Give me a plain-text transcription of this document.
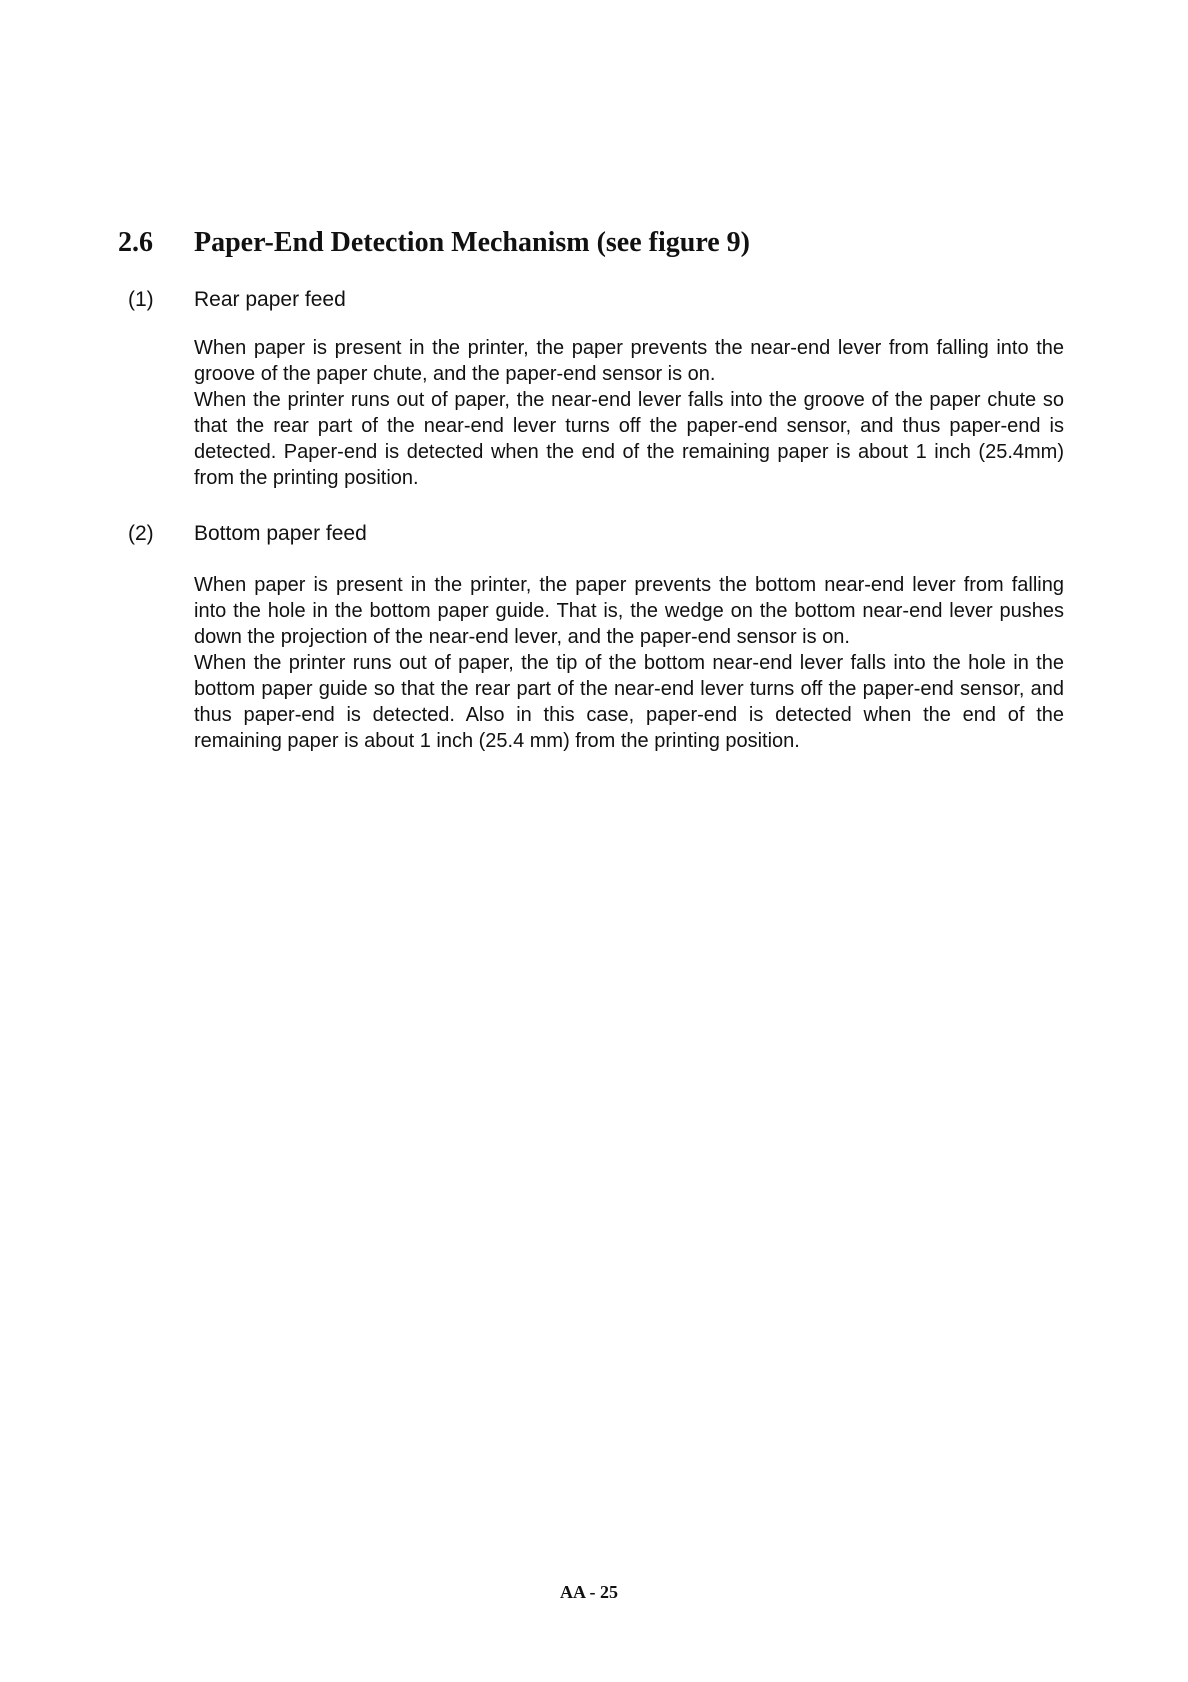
2.6	Paper-End Detection Mechanism (see figure 9)
(1)	Rear paper feed

When paper is present in the printer, the paper prevents the near-end lever from falling into the groove of the paper chute, and the paper-end sensor is on.

When the printer runs out of paper, the near-end lever falls into the groove of the paper chute so that the rear part of the near-end lever turns off the paper-end sensor, and thus paper-end is detected. Paper-end is detected when the end of the remaining paper is about 1 inch (25.4mm) from the printing position.

(2)	Bottom paper feed

When paper is present in the printer, the paper prevents the bottom near-end lever from falling into the hole in the bottom paper guide. That is, the wedge on the bottom near-end lever pushes down the projection of the near-end lever, and the paper-end sensor is on.

When the printer runs out of paper, the tip of the bottom near-end lever falls into the hole in the bottom paper guide so that the rear part of the near-end lever turns off the paper-end sensor, and thus paper-end is detected. Also in this case, paper-end is detected when the end of the remaining paper is about 1 inch (25.4 mm) from the printing position.

AA - 25
